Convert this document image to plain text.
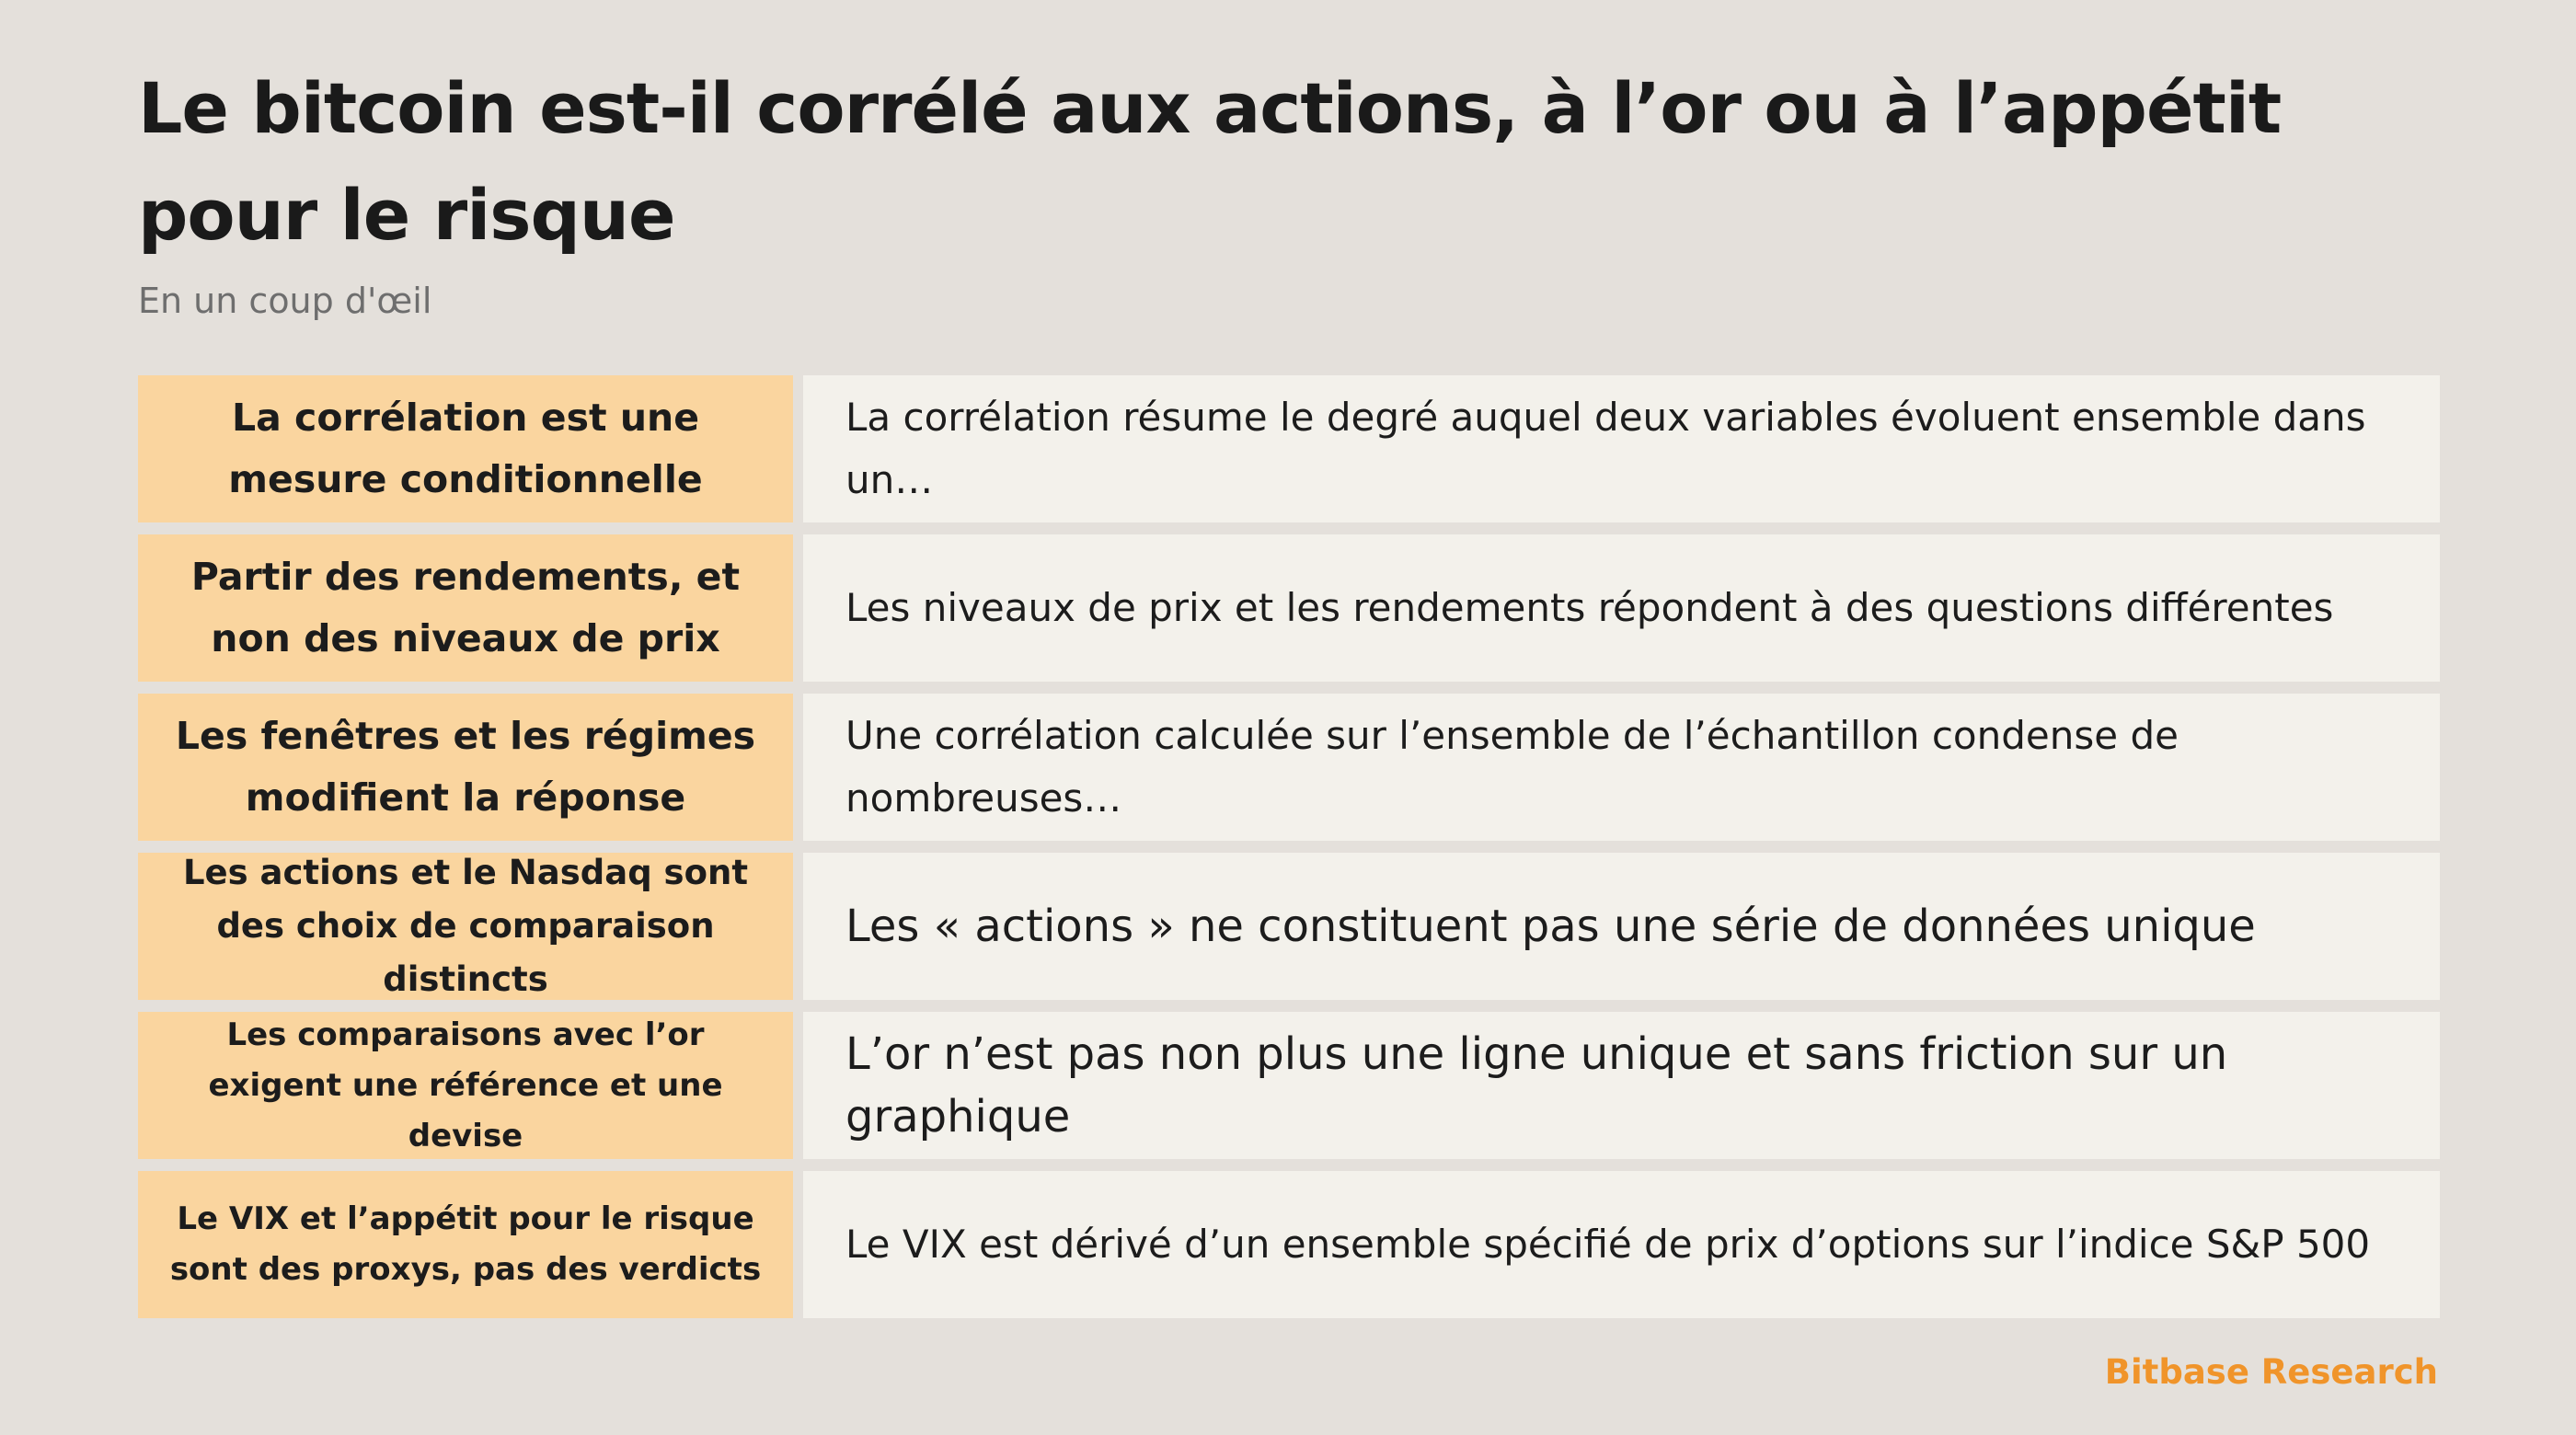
Le bitcoin est-il corrélé aux actions, à l’or ou à l’appétit pour le risque
En un coup d'œil
La corrélation est une mesure conditionnelle
La corrélation résume le degré auquel deux variables évoluent ensemble dans un…
Partir des rendements, et non des niveaux de prix
Les niveaux de prix et les rendements répondent à des questions différentes
Les fenêtres et les régimes modifient la réponse
Une corrélation calculée sur l’ensemble de l’échantillon condense de nombreuses…
Les actions et le Nasdaq sont des choix de comparaison distincts
Les « actions » ne constituent pas une série de données unique
Les comparaisons avec l’or exigent une référence et une devise
L’or n’est pas non plus une ligne unique et sans friction sur un graphique
Le VIX et l’appétit pour le risque sont des proxys, pas des verdicts
Le VIX est dérivé d’un ensemble spécifié de prix d’options sur l’indice S&P 500
Bitbase Research
